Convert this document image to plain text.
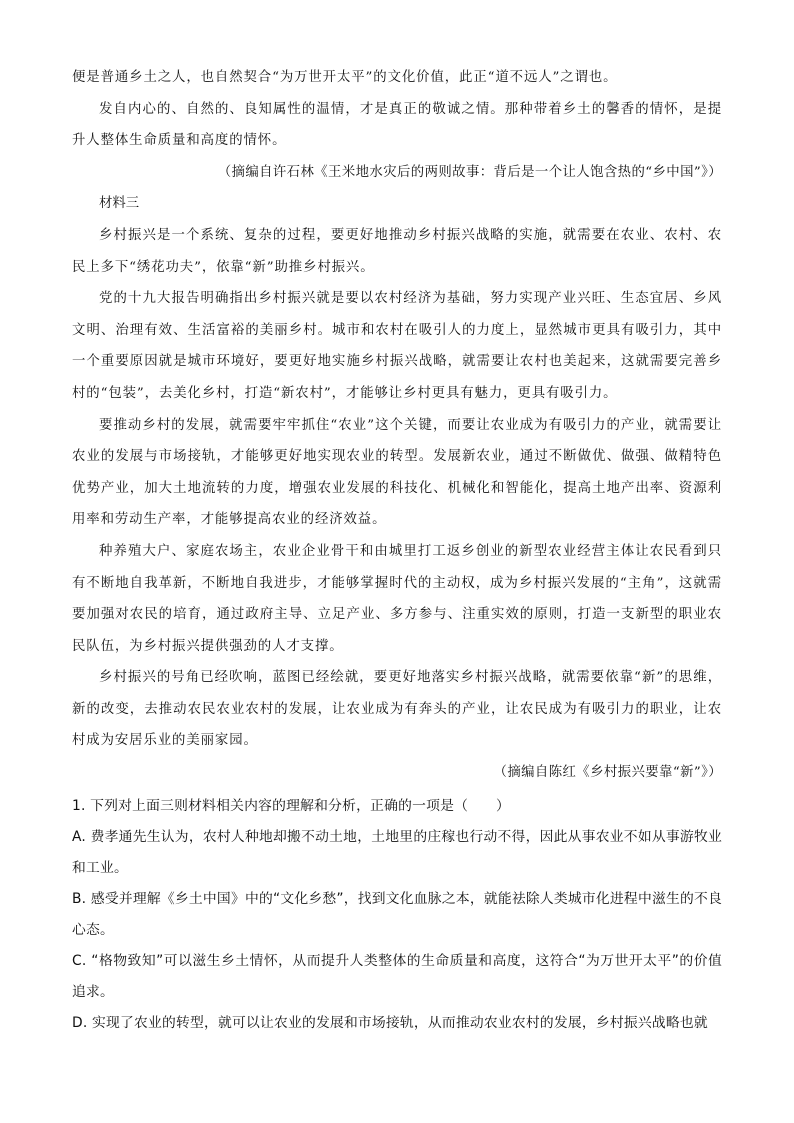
便是普通乡土之人，也自然契合“为万世开太平”的文化价值，此正“道不远人”之谓也。

发自内心的、自然的、良知属性的温情，才是真正的敬诚之情。那种带着乡土的馨香的情怀，是提升人整体生命质量和高度的情怀。

（摘编自许石林《王米地水灾后的两则故事：背后是一个让人饱含热的“乡中国”》）

材料三

乡村振兴是一个系统、复杂的过程，要更好地推动乡村振兴战略的实施，就需要在农业、农村、农民上多下“绣花功夫”，依靠“新”助推乡村振兴。

党的十九大报告明确指出乡村振兴就是要以农村经济为基础，努力实现产业兴旺、生态宜居、乡风文明、治理有效、生活富裕的美丽乡村。城市和农村在吸引人的力度上，显然城市更具有吸引力，其中一个重要原因就是城市环境好，要更好地实施乡村振兴战略，就需要让农村也美起来，这就需要完善乡村的“包装”，去美化乡村，打造“新农村”，才能够让乡村更具有魅力，更具有吸引力。

要推动乡村的发展，就需要牢牢抓住“农业”这个关键，而要让农业成为有吸引力的产业，就需要让农业的发展与市场接轨，才能够更好地实现农业的转型。发展新农业，通过不断做优、做强、做精特色优势产业，加大土地流转的力度，增强农业发展的科技化、机械化和智能化，提高土地产出率、资源利用率和劳动生产率，才能够提高农业的经济效益。

种养殖大户、家庭农场主，农业企业骨干和由城里打工返乡创业的新型农业经营主体让农民看到只有不断地自我革新，不断地自我进步，才能够掌握时代的主动权，成为乡村振兴发展的“主角”，这就需要加强对农民的培育，通过政府主导、立足产业、多方参与、注重实效的原则，打造一支新型的职业农民队伍，为乡村振兴提供强劲的人才支撑。

乡村振兴的号角已经吹响，蓝图已经绘就，要更好地落实乡村振兴战略，就需要依靠“新”的思维，新的改变，去推动农民农业农村的发展，让农业成为有奔头的产业，让农民成为有吸引力的职业，让农村成为安居乐业的美丽家园。

（摘编自陈红《乡村振兴要靠“新”》）

1. 下列对上面三则材料相关内容的理解和分析，正确的一项是（　　）

A. 费孝通先生认为，农村人种地却搬不动土地，土地里的庄稼也行动不得，因此从事农业不如从事游牧业和工业。

B. 感受并理解《乡土中国》中的“文化乡愁”，找到文化血脉之本，就能祛除人类城市化进程中滋生的不良心态。

C. “格物致知”可以滋生乡土情怀，从而提升人类整体的生命质量和高度，这符合“为万世开太平”的价值追求。

D. 实现了农业的转型，就可以让农业的发展和市场接轨，从而推动农业农村的发展，乡村振兴战略也就
